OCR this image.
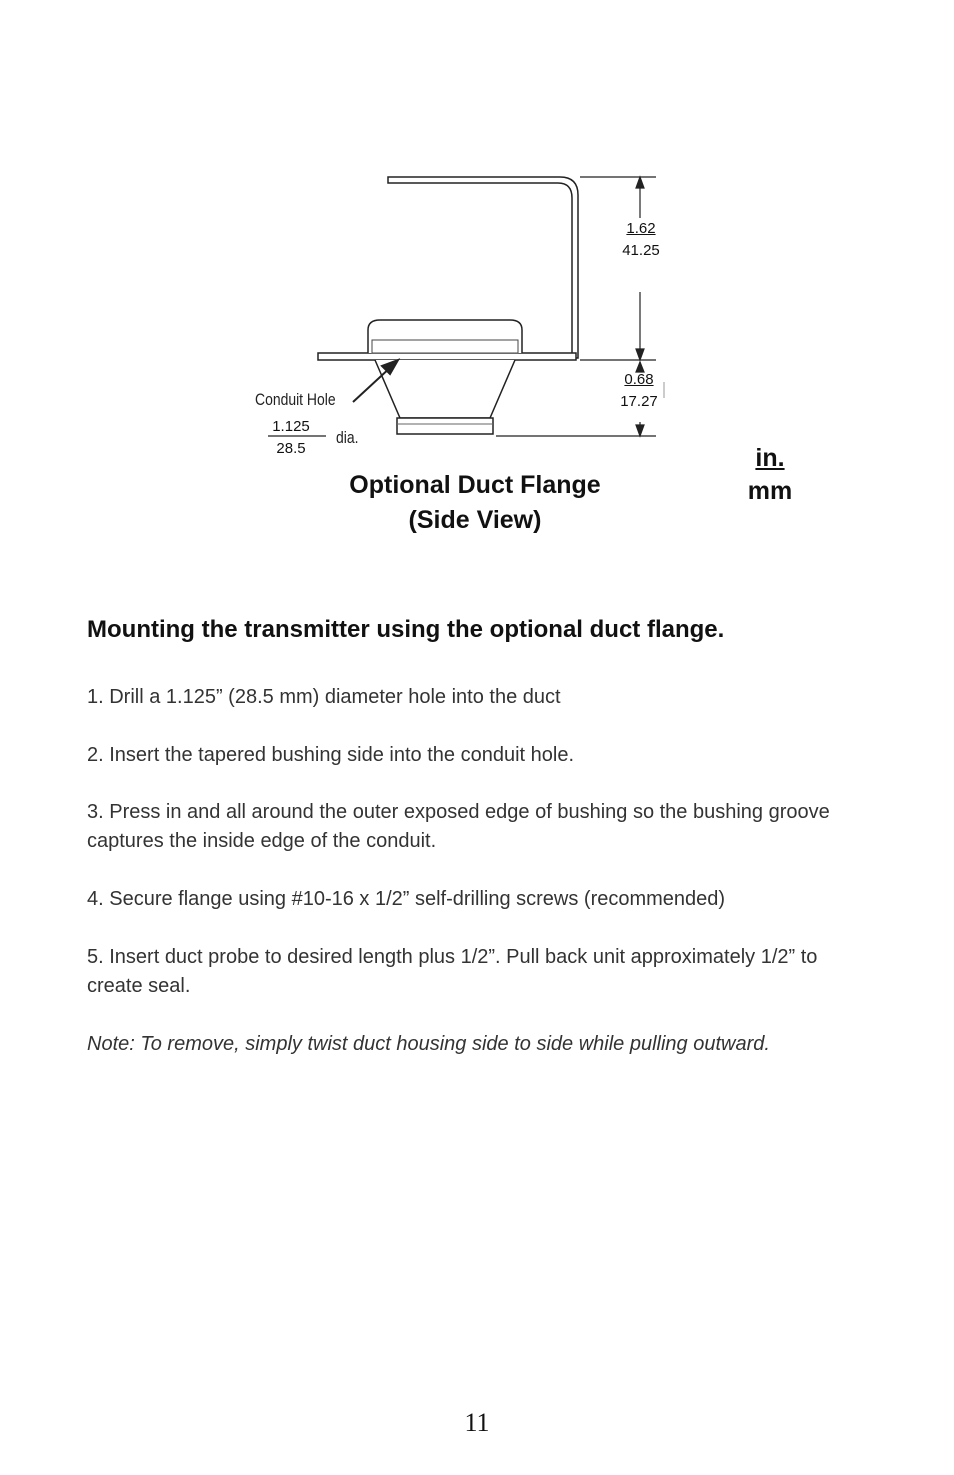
1.62
41.25
0.68
17.27
Conduit Hole
1.125 28.5
dia.
Optional Duct Flange
(Side View)
in.
mm
Mounting the transmitter using the optional duct flange.

1. Drill a 1.125” (28.5 mm) diameter hole into the duct

2. Insert the tapered bushing side into the conduit hole.

3. Press in and all around the outer exposed edge of bushing so the bushing groove captures the inside edge of the conduit.

4. Secure flange using #10-16 x 1/2” self-drilling screws (recommended)

5. Insert duct probe to desired length plus 1/2”. Pull back unit approximately 1/2” to create seal.

Note: To remove, simply twist duct housing side to side while pulling outward.

11
